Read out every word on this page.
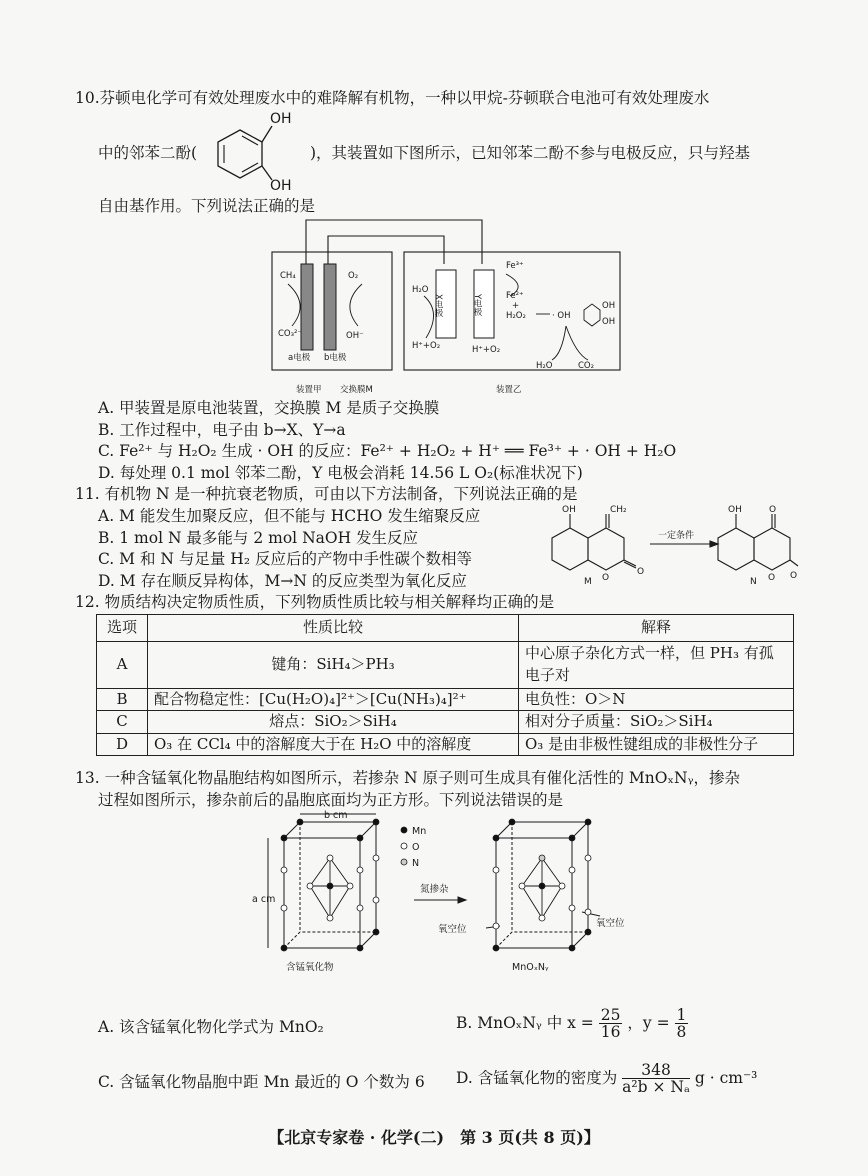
10.芬顿电化学可有效处理废水中的难降解有机物，一种以甲烷-芬顿联合电池可有效处理废水
中的邻苯二酚(
OH
OH
)，其装置如下图所示，已知邻苯二酚不参与电极反应，只与羟基
自由基作用。下列说法正确的是
CH₄	O₂
CO₃²⁻	OH⁻
a电极 b电极
装置甲 交换膜M	装置乙
H₂O
X电极	Y电极
H⁺+O₂	H⁺+O₂
Fe³⁺
Fe²⁺
+
H₂O₂	· OH
H₂O	CO₂
OH
OH
A. 甲装置是原电池装置，交换膜 M 是质子交换膜
B. 工作过程中，电子由 b→X、Y→a
C. Fe²⁺ 与 H₂O₂ 生成 · OH 的反应：Fe²⁺ + H₂O₂ + H⁺ ══ Fe³⁺ + · OH + H₂O
D. 每处理 0.1 mol 邻苯二酚，Y 电极会消耗 14.56 L O₂(标准状况下)
11. 有机物 N 是一种抗衰老物质，可由以下方法制备，下列说法正确的是
A. M 能发生加聚反应，但不能与 HCHO 发生缩聚反应
B. 1 mol N 最多能与 2 mol NaOH 发生反应
C. M 和 N 与足量 H₂ 反应后的产物中手性碳个数相等
D. M 存在顺反异构体，M→N 的反应类型为氧化反应
OH	CH₂
M O
O
一定条件
OH	O
N O O
12. 物质结构决定物质性质，下列物质性质比较与相关解释均正确的是
选项	性质比较	解释
A	键角：SiH₄＞PH₃	中心原子杂化方式一样，但 PH₃ 有孤电子对
B	配合物稳定性：[Cu(H₂O)₄]²⁺＞[Cu(NH₃)₄]²⁺	电负性：O＞N
C	熔点：SiO₂＞SiH₄	相对分子质量：SiO₂＞SiH₄
D	O₃ 在 CCl₄ 中的溶解度大于在 H₂O 中的溶解度	O₃ 是由非极性键组成的非极性分子
13. 一种含锰氧化物晶胞结构如图所示，若掺杂 N 原子则可生成具有催化活性的 MnOₓNᵧ，掺杂
过程如图所示，掺杂前后的晶胞底面均为正方形。下列说法错误的是
b cm
a cm
Mn
O
N
氮掺杂
氧空位
氧空位
含锰氧化物	MnOₓNᵧ
A. 该含锰氧化物化学式为 MnO₂	B. MnOₓNᵧ 中 $x = \frac{25}{16}$ ，$y = \frac{1}{8}$
C. 含锰氧化物晶胞中距 Mn 最近的 O 个数为 6 D. 含锰氧化物的密度为 $\frac{348}{\text{a²b × Nₐ}}$ g · cm⁻³
【北京专家卷 · 化学(二)　第 3 页(共 8 页)】
